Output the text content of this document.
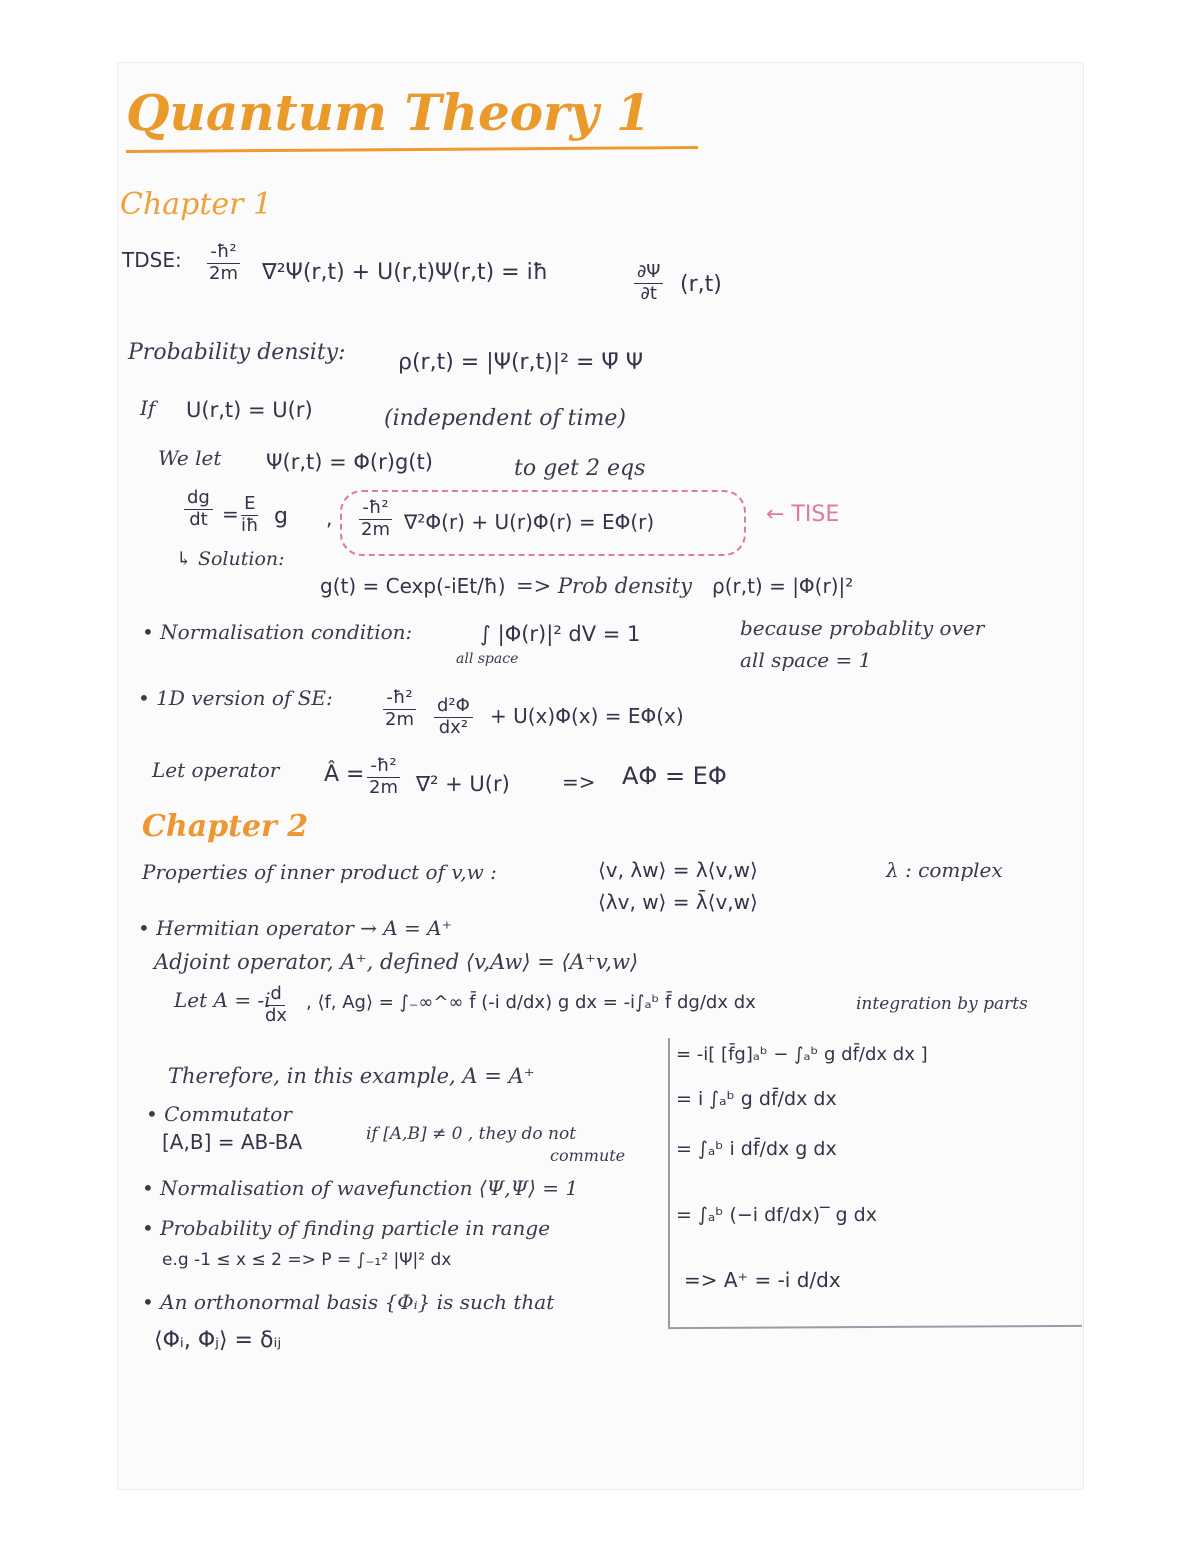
Quantum Theory 1
Chapter 1
TDSE: $\frac{\text{-ħ²}}{2m} \nabla^2\Psi(r,t) + U(r,t)\Psi(r,t)$ = iħ	$\frac{\partial\Psi}{\partial t} (r,t)$
Probability density: ρ(r,t) = |Ψ(r,t)|² = Ψ̄ Ψ
If U(r,t) = U(r)	(independent of time)
We let Ψ(r,t) = Φ(r)g(t)	to get 2 eqs
$\frac{dg}{dt} = \frac{E}{iħ}$ g , $\frac{\text{-ħ²}}{2m} \nabla^2\Phi(r) + U(r)\Phi(r) = E\Phi(r)$	← TISE
↳ Solution:
g(t) = Cexp(-iEt/ħ) => Prob density ρ(r,t) = |Φ(r)|²
• Normalisation condition:	∫ |Φ(r)|² dV = 1
all space
because probablity over
all space = 1
• 1D version of SE:	$\frac{\text{-ħ²}}{2m} \frac{\text{d²Φ}}{\text{dx²}} + U(x)\Phi(x) = E\Phi(x)$
Let operator Â = $\frac{\text{-ħ²}}{2m} \nabla^2 + U(r)$	=> AΦ = EΦ
Chapter 2
Properties of inner product of v,w :	⟨v, λw⟩ = λ⟨v,w⟩
⟨λv, w⟩ = λ̄⟨v,w⟩
λ : complex
• Hermitian operator → A = A⁺
Adjoint operator, A⁺, defined ⟨v,Aw⟩ = ⟨A⁺v,w⟩
Let A = -i
$\frac{d}{dx}$ , ⟨f, Ag⟩ = ∫₋∞^∞ f̄ (-i d/dx) g dx = -i∫ₐᵇ f̄ dg/dx dx	integration by parts
= -i[ [f̄g]ₐᵇ − ∫ₐᵇ g df̄/dx dx ]
= i ∫ₐᵇ g df̄/dx dx
= ∫ₐᵇ i df̄/dx g dx
= ∫ₐᵇ (−i df/dx)‾ g dx
=> A⁺ = -i d/dx
Therefore, in this example, A = A⁺
• Commutator
[A,B] = AB-BA	if [A,B] ≠ 0 , they do not
commute
• Normalisation of wavefunction ⟨Ψ,Ψ⟩ = 1
• Probability of finding particle in range
e.g -1 ≤ x ≤ 2 => P = ∫₋₁² |Ψ|² dx
• An orthonormal basis {Φᵢ} is such that
⟨Φᵢ, Φⱼ⟩ = δᵢⱼ
